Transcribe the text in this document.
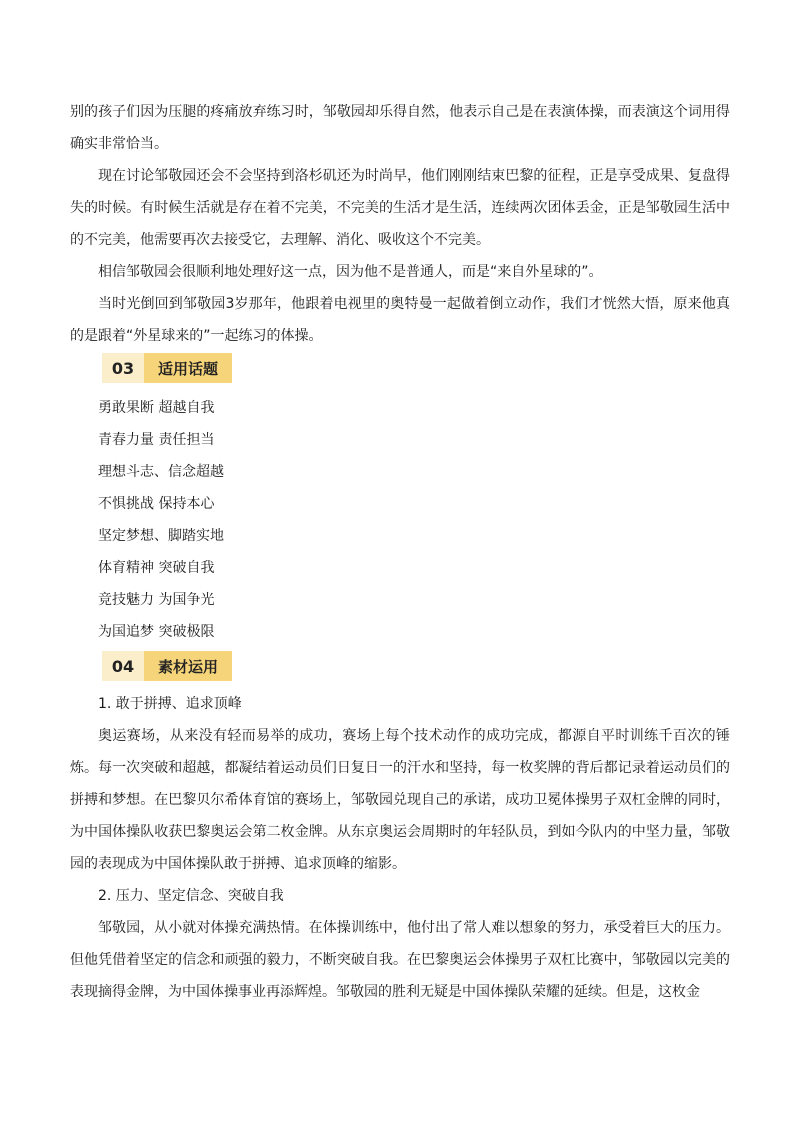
别的孩子们因为压腿的疼痛放弃练习时，邹敬园却乐得自然，他表示自己是在表演体操，而表演这个词用得确实非常恰当。

现在讨论邹敬园还会不会坚持到洛杉矶还为时尚早，他们刚刚结束巴黎的征程，正是享受成果、复盘得失的时候。有时候生活就是存在着不完美，不完美的生活才是生活，连续两次团体丢金，正是邹敬园生活中的不完美，他需要再次去接受它，去理解、消化、吸收这个不完美。

相信邹敬园会很顺利地处理好这一点，因为他不是普通人，而是“来自外星球的”。

当时光倒回到邹敬园3岁那年，他跟着电视里的奥特曼一起做着倒立动作，我们才恍然大悟，原来他真的是跟着“外星球来的”一起练习的体操。

03	适用话题
勇敢果断 超越自我
青春力量 责任担当
理想斗志、信念超越
不惧挑战 保持本心
坚定梦想、脚踏实地
体育精神 突破自我
竞技魅力 为国争光
为国追梦 突破极限
04	素材运用

1. 敢于拼搏、追求顶峰

奥运赛场，从来没有轻而易举的成功，赛场上每个技术动作的成功完成，都源自平时训练千百次的锤炼。每一次突破和超越，都凝结着运动员们日复日一的汗水和坚持，每一枚奖牌的背后都记录着运动员们的拼搏和梦想。在巴黎贝尔希体育馆的赛场上，邹敬园兑现自己的承诺，成功卫冕体操男子双杠金牌的同时，为中国体操队收获巴黎奥运会第二枚金牌。从东京奥运会周期时的年轻队员，到如今队内的中坚力量，邹敬园的表现成为中国体操队敢于拼搏、追求顶峰的缩影。

2. 压力、坚定信念、突破自我

邹敬园，从小就对体操充满热情。在体操训练中，他付出了常人难以想象的努力，承受着巨大的压力。但他凭借着坚定的信念和顽强的毅力，不断突破自我。在巴黎奥运会体操男子双杠比赛中，邹敬园以完美的表现摘得金牌，为中国体操事业再添辉煌。邹敬园的胜利无疑是中国体操队荣耀的延续。但是，这枚金
